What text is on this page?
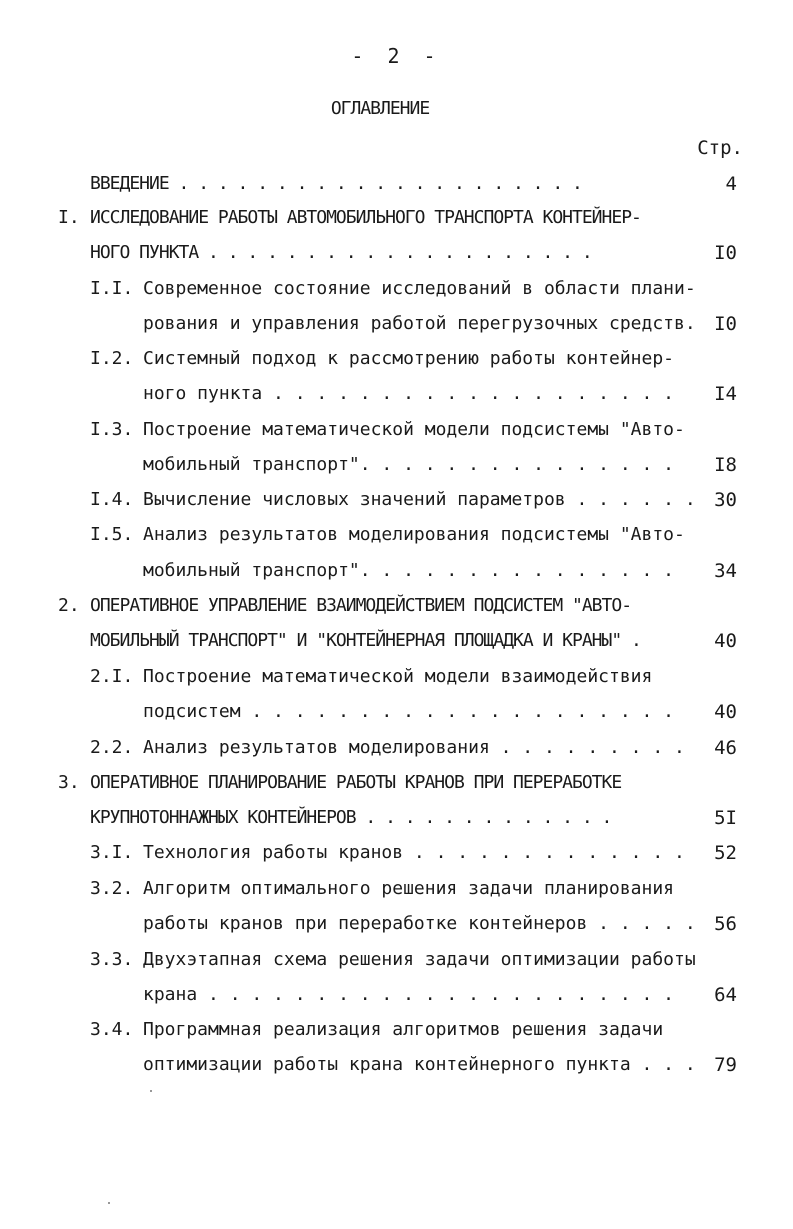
- 2 -
ОГЛАВЛЕНИЕ
Стр.
ВВЕДЕНИЕ . . . . . . . . . . . . . . . . . . . . .	4
I. ИССЛЕДОВАНИЕ РАБОТЫ АВТОМОБИЛЬНОГО ТРАНСПОРТА КОНТЕЙНЕР-
НОГО ПУНКТА . . . . . . . . . . . . . . . . . . . .	I0
I.I. Современное состояние исследований в области плани-
рования и управления работой перегрузочных средств. I0
I.2. Системный подход к рассмотрению работы контейнер-
ного пункта . . . . . . . . . . . . . . . . . . .	I4
I.3. Построение математической модели подсистемы "Авто-
мобильный транспорт". . . . . . . . . . . . . . .	I8
I.4. Вычисление числовых значений параметров . . . . . . 30
I.5. Анализ результатов моделирования подсистемы "Авто-
мобильный транспорт". . . . . . . . . . . . . . .	34
2. ОПЕРАТИВНОЕ УПРАВЛЕНИЕ ВЗАИМОДЕЙСТВИЕМ ПОДСИСТЕМ "АВТО-
МОБИЛЬНЫЙ ТРАНСПОРТ" И "КОНТЕЙНЕРНАЯ ПЛОЩАДКА И КРАНЫ" .	40
2.I. Построение математической модели взаимодействия
подсистем . . . . . . . . . . . . . . . . . . . .	40
2.2. Анализ результатов моделирования . . . . . . . . .	46
3. ОПЕРАТИВНОЕ ПЛАНИРОВАНИЕ РАБОТЫ КРАНОВ ПРИ ПЕРЕРАБОТКЕ
КРУПНОТОННАЖНЫХ КОНТЕЙНЕРОВ . . . . . . . . . . . . .	5I
3.I. Технология работы кранов . . . . . . . . . . . . .	52
3.2. Алгоритм оптимального решения задачи планирования
работы кранов при переработке контейнеров . . . . . 56
3.3. Двухэтапная схема решения задачи оптимизации работы
крана . . . . . . . . . . . . . . . . . . . . . .	64
3.4. Программная реализация алгоритмов решения задачи
оптимизации работы крана контейнерного пункта . . . 79
